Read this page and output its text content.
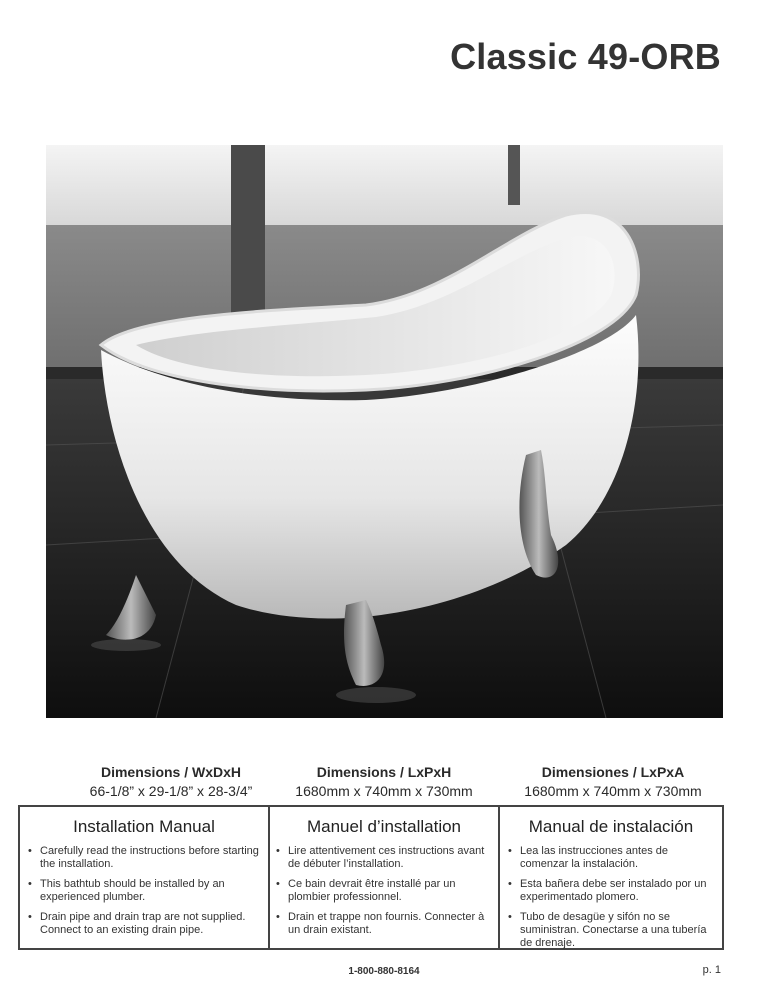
Classic 49-ORB
Dimensions / WxDxH
66-1/8” x 29-1/8” x 28-3/4”
Dimensions / LxPxH
1680mm x 740mm x 730mm
Dimensiones / LxPxA
1680mm x 740mm x 730mm
Installation Manual
• Carefully read the instructions before starting the installation.
• This bathtub should be installed by an experienced plumber.
• Drain pipe and drain trap are not supplied. Connect to an existing drain pipe.
Manuel d’installation
• Lire attentivement ces instructions avant de débuter l’installation.
• Ce bain devrait être installé par un plombier professionnel.
• Drain et trappe non fournis. Connecter à un drain existant.
Manual de instalación
• Lea las instrucciones antes de comenzar la instalación.
• Esta bañera debe ser instalado por un experimentado plomero.
• Tubo de desagüe y sifón no se suministran. Conectarse a una tubería de drenaje.
1-800-880-8164	p. 1
